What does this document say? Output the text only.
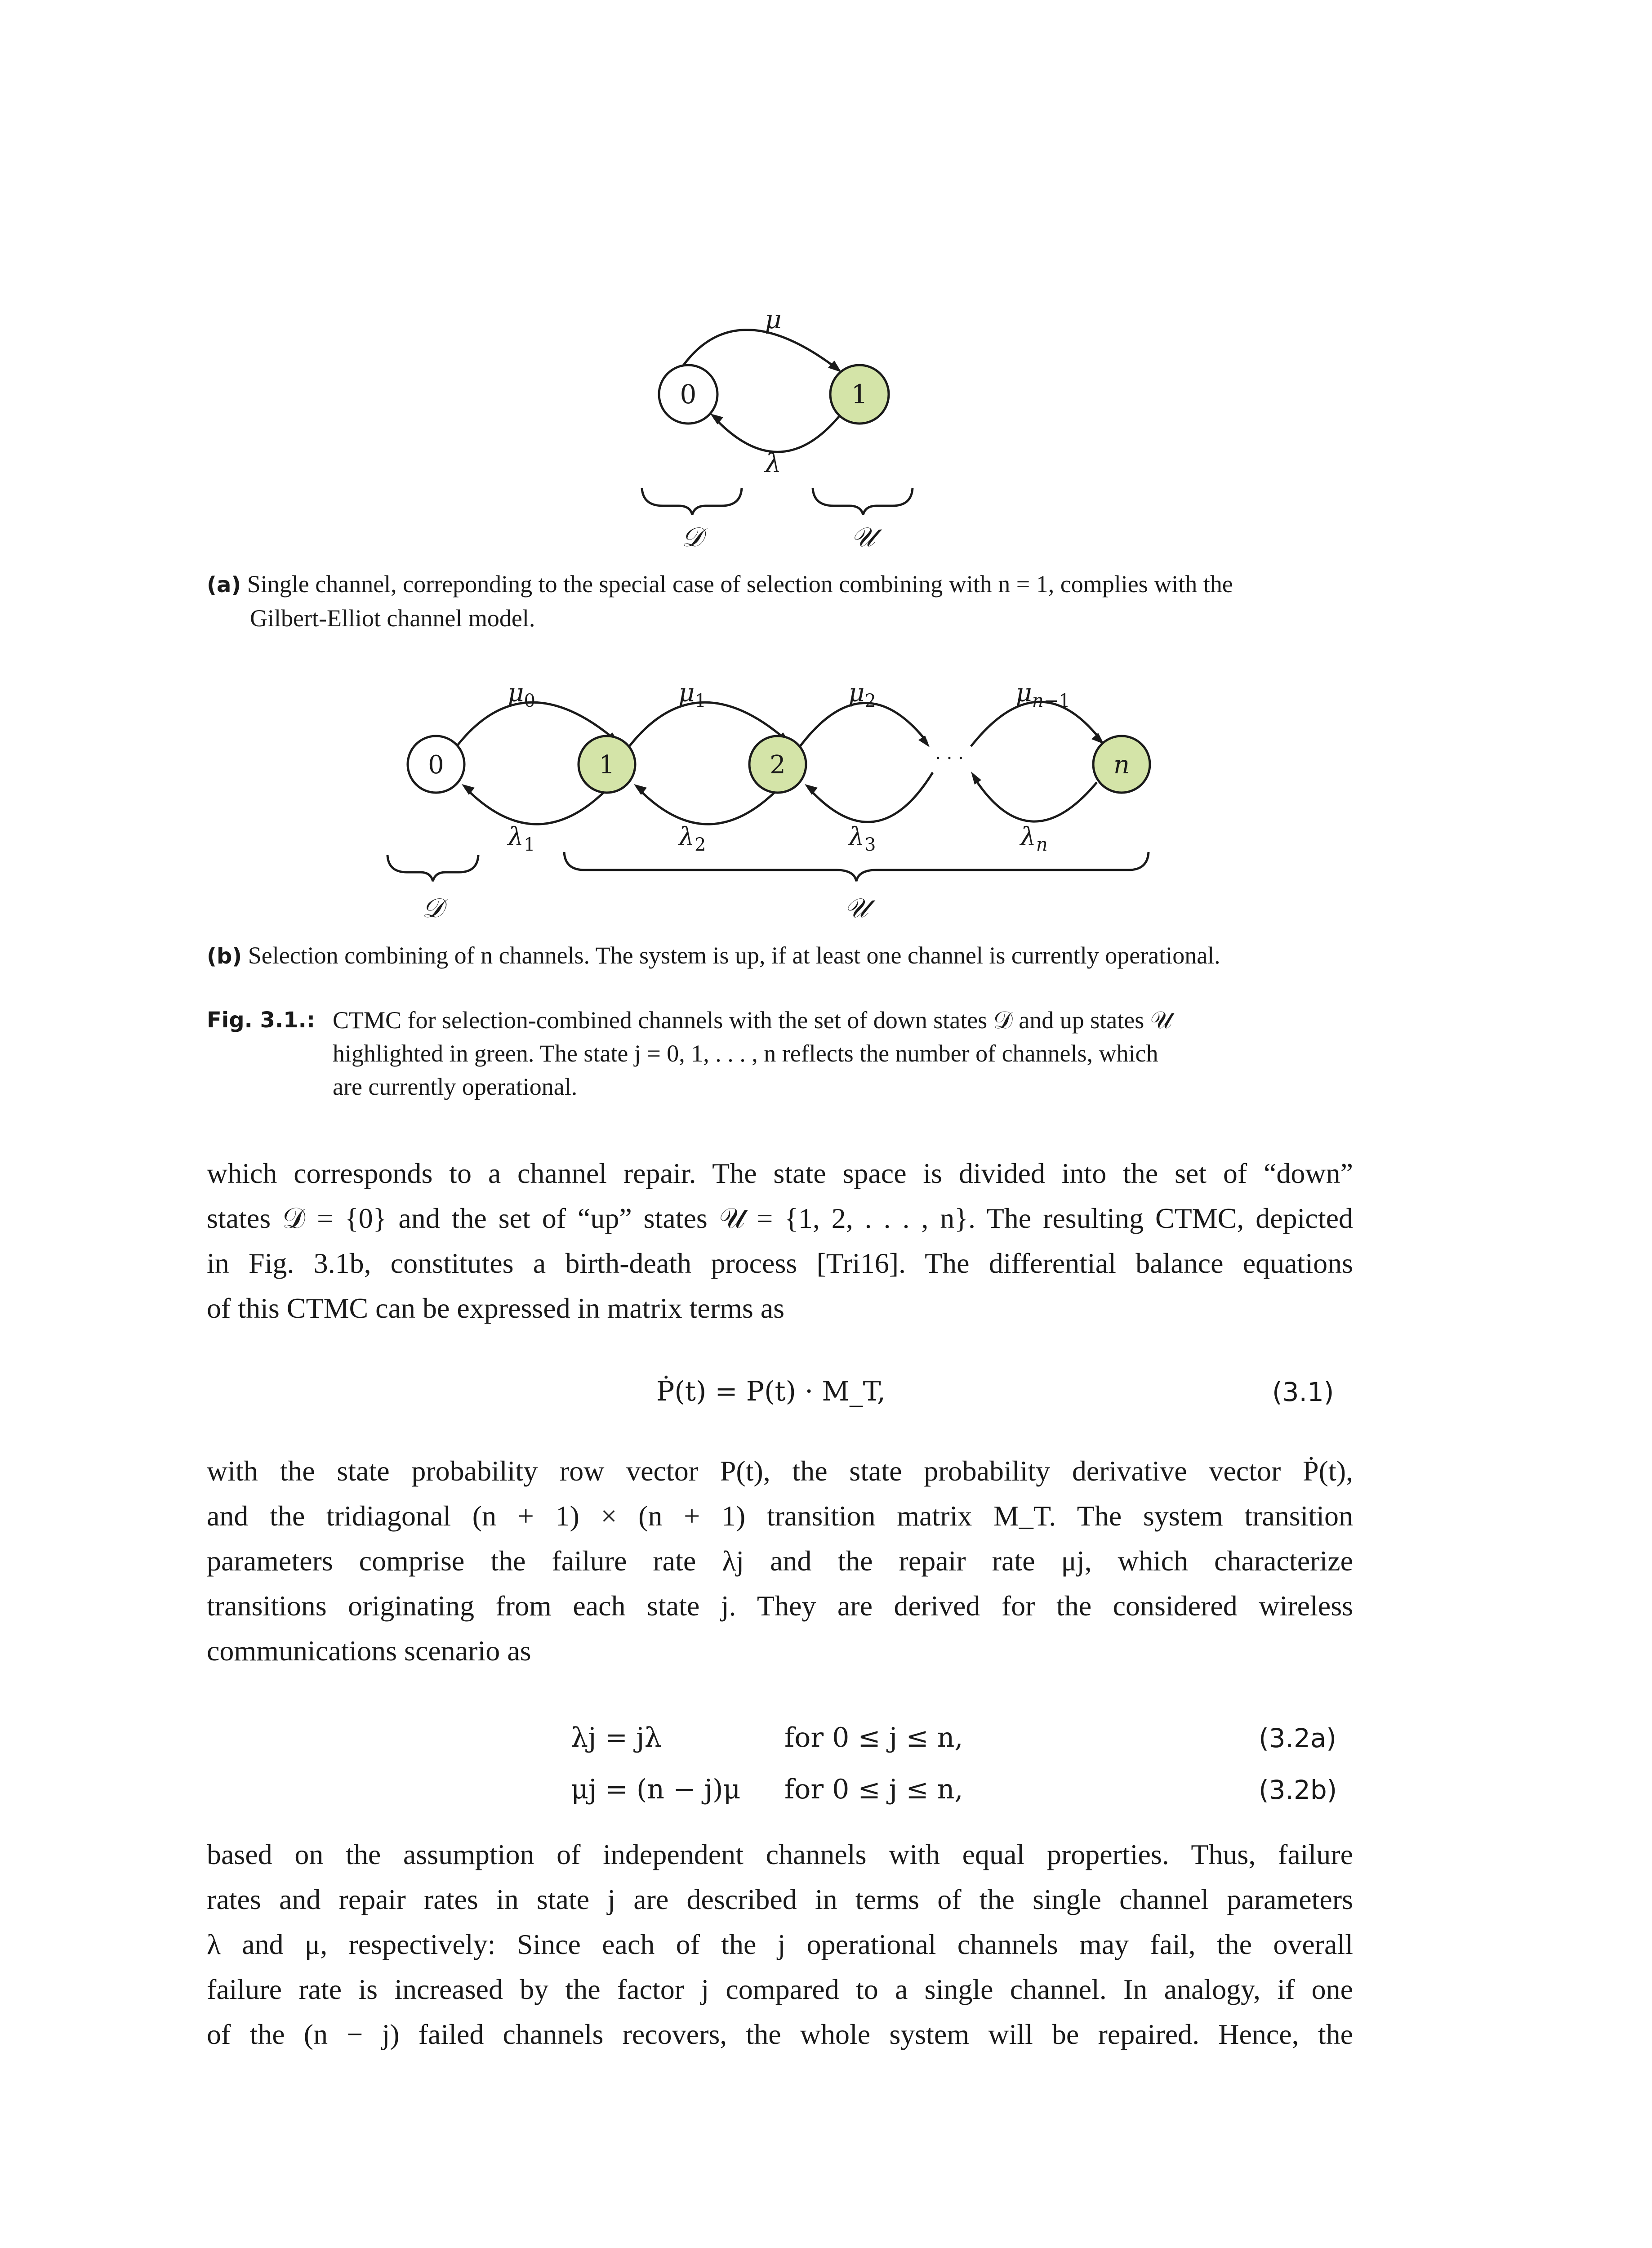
0	1
μ
λ
𝒟	𝒰
(a) Single channel, correponding to the special case of selection combining with n = 1, complies with the
Gilbert-Elliot channel model.
0	1	2	n
· · ·
$\mu_0$	$\mu_1$	$\mu_2$	$\mu_n-1$
$\lambda_1$	$\lambda_2$	$\lambda_3$	$\lambda_n$
𝒟	𝒰
(b) Selection combining of n channels. The system is up, if at least one channel is currently operational.
Fig. 3.1.: CTMC for selection-combined channels with the set of down states 𝒟 and up states 𝒰
highlighted in green. The state j = 0, 1, . . . , n reflects the number of channels, which
are currently operational.
which corresponds to a channel repair. The state space is divided into the set of “down”
states 𝒟 = {0} and the set of “up” states 𝒰 = {1, 2, . . . , n}. The resulting CTMC, depicted
in Fig. 3.1b, constitutes a birth-death process [Tri16]. The differential balance equations
of this CTMC can be expressed in matrix terms as
Ṗ(t) = P(t) · M_T,	(3.1)
with the state probability row vector P(t), the state probability derivative vector Ṗ(t),
and the tridiagonal (n + 1) × (n + 1) transition matrix M_T. The system transition
parameters comprise the failure rate λj and the repair rate μj, which characterize
transitions originating from each state j. They are derived for the considered wireless
communications scenario as
λj = jλ	for 0 ≤ j ≤ n,	(3.2a)
μj = (n − j)μ for 0 ≤ j ≤ n,	(3.2b)
based on the assumption of independent channels with equal properties. Thus, failure
rates and repair rates in state j are described in terms of the single channel parameters
λ and μ, respectively: Since each of the j operational channels may fail, the overall
failure rate is increased by the factor j compared to a single channel. In analogy, if one
of the (n − j) failed channels recovers, the whole system will be repaired. Hence, the
